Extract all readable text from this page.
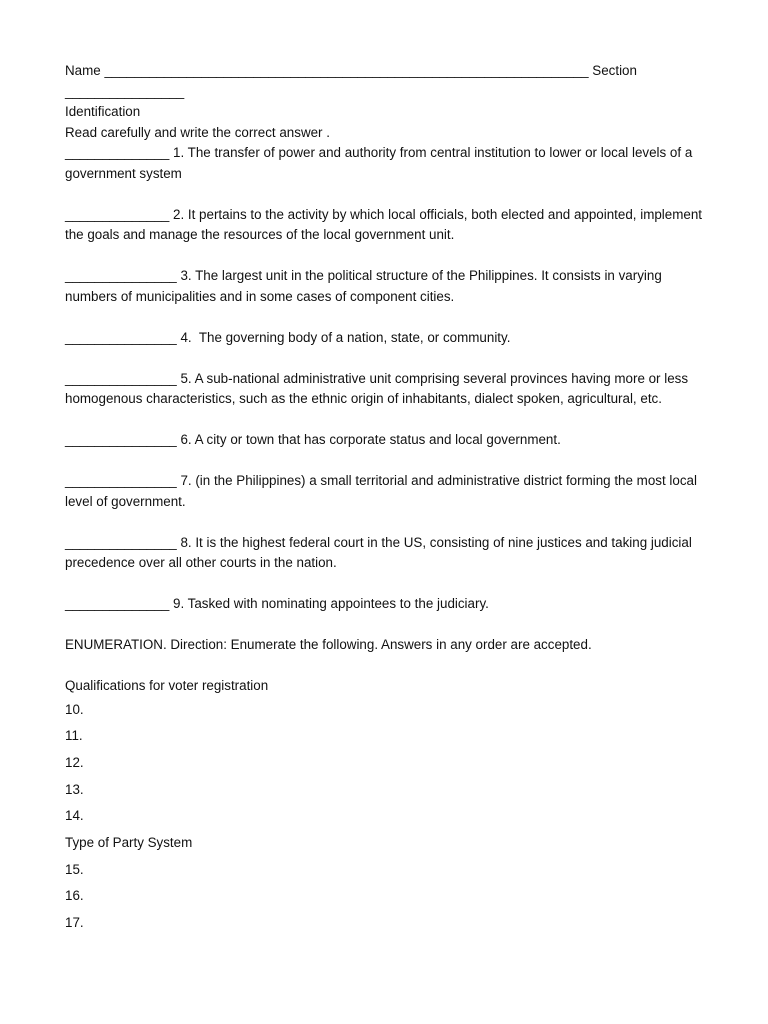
Name _________________________________________________________________ Section
________________
Identification
Read carefully and write the correct answer .
______________ 1. The transfer of power and authority from central institution to lower or local levels of a government system
______________ 2. It pertains to the activity by which local officials, both elected and appointed, implement the goals and manage the resources of the local government unit.
_______________ 3. The largest unit in the political structure of the Philippines. It consists in varying numbers of municipalities and in some cases of component cities.
_______________ 4.  The governing body of a nation, state, or community.
_______________ 5. A sub-national administrative unit comprising several provinces having more or less homogenous characteristics, such as the ethnic origin of inhabitants, dialect spoken, agricultural, etc.
_______________ 6. A city or town that has corporate status and local government.
_______________ 7. (in the Philippines) a small territorial and administrative district forming the most local level of government.
_______________ 8. It is the highest federal court in the US, consisting of nine justices and taking judicial precedence over all other courts in the nation.
______________ 9. Tasked with nominating appointees to the judiciary.
ENUMERATION. Direction: Enumerate the following. Answers in any order are accepted.
Qualifications for voter registration
10.
11.
12.
13.
14.
Type of Party System
15.
16.
17.
